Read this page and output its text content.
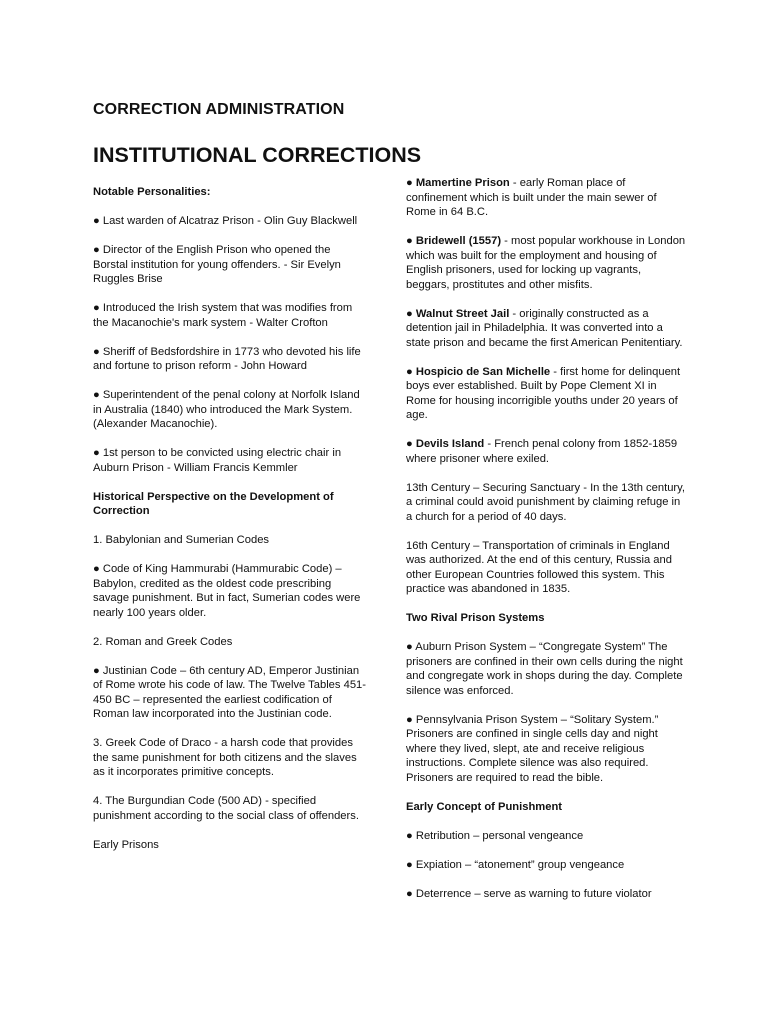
CORRECTION ADMINISTRATION
INSTITUTIONAL CORRECTIONS

Notable Personalities:

● Last warden of Alcatraz Prison - Olin Guy Blackwell

● Director of the English Prison who opened the Borstal institution for young offenders. - Sir Evelyn Ruggles Brise

● Introduced the Irish system that was modifies from the Macanochie's mark system - Walter Crofton

● Sheriff of Bedsfordshire in 1773 who devoted his life and fortune to prison reform - John Howard

● Superintendent of the penal colony at Norfolk Island in Australia (1840) who introduced the Mark System. (Alexander Macanochie).

● 1st person to be convicted using electric chair in Auburn Prison - William Francis Kemmler

Historical Perspective on the Development of Correction

1. Babylonian and Sumerian Codes

● Code of King Hammurabi (Hammurabic Code) – Babylon, credited as the oldest code prescribing savage punishment. But in fact, Sumerian codes were nearly 100 years older.

2. Roman and Greek Codes

● Justinian Code – 6th century AD, Emperor Justinian of Rome wrote his code of law. The Twelve Tables 451-450 BC – represented the earliest codification of Roman law incorporated into the Justinian code.

3. Greek Code of Draco - a harsh code that provides the same punishment for both citizens and the slaves as it incorporates primitive concepts.

4. The Burgundian Code (500 AD) - specified punishment according to the social class of offenders.

Early Prisons

● Mamertine Prison - early Roman place of confinement which is built under the main sewer of Rome in 64 B.C.

● Bridewell (1557) - most popular workhouse in London which was built for the employment and housing of English prisoners, used for locking up vagrants, beggars, prostitutes and other misfits.

● Walnut Street Jail - originally constructed as a detention jail in Philadelphia. It was converted into a state prison and became the first American Penitentiary.

● Hospicio de San Michelle - first home for delinquent boys ever established. Built by Pope Clement XI in Rome for housing incorrigible youths under 20 years of age.

● Devils Island - French penal colony from 1852-1859 where prisoner where exiled.

13th Century – Securing Sanctuary - In the 13th century, a criminal could avoid punishment by claiming refuge in a church for a period of 40 days.

16th Century – Transportation of criminals in England was authorized. At the end of this century, Russia and other European Countries followed this system. This practice was abandoned in 1835.

Two Rival Prison Systems

● Auburn Prison System – “Congregate System” The prisoners are confined in their own cells during the night and congregate work in shops during the day. Complete silence was enforced.

● Pennsylvania Prison System – “Solitary System.” Prisoners are confined in single cells day and night where they lived, slept, ate and receive religious instructions. Complete silence was also required. Prisoners are required to read the bible.

Early Concept of Punishment

● Retribution – personal vengeance

● Expiation – “atonement” group vengeance

● Deterrence – serve as warning to future violator
